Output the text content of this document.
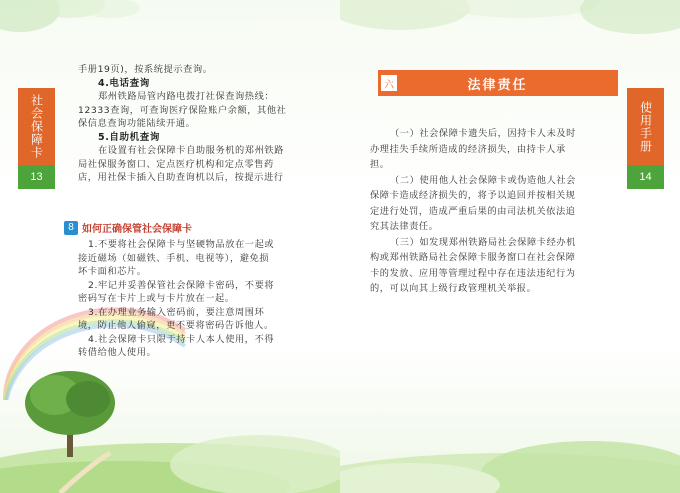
社会保障卡
13

手册19页)，按系统提示查询。

4.电话查询

郑州铁路局管内路电拨打社保查询热线：

12333查询，可查询医疗保险账户余额，其他社

保信息查询功能陆续开通。

5.自助机查询

在设置有社会保障卡自助服务机的郑州铁路

局社保服务窗口、定点医疗机构和定点零售药

店，用社保卡插入自助查询机以后，按提示进行

8 如何正确保管社会保障卡

1.不要将社会保障卡与坚硬物品放在一起或

接近磁场（如磁铁、手机、电视等），避免损

坏卡面和芯片。

2.牢记并妥善保管社会保障卡密码，不要将

密码写在卡片上或与卡片放在一起。

3.在办理业务输入密码前，要注意周围环

境，防止他人偷窥，更不要将密码告诉他人。

4.社会保障卡只限于持卡人本人使用，不得

转借给他人使用。

使用手册
14
六	法律责任

（一）社会保障卡遗失后，因持卡人未及时

办理挂失手续所造成的经济损失，由持卡人承

担。

（二）使用他人社会保障卡或伪造他人社会

保障卡造成经济损失的，将予以追回并按相关规

定进行处罚，造成严重后果的由司法机关依法追

究其法律责任。

（三）如发现郑州铁路局社会保障卡经办机

构或郑州铁路局社会保障卡服务窗口在社会保障

卡的发放、应用等管理过程中存在违法违纪行为

的，可以向其上级行政管理机关举报。
